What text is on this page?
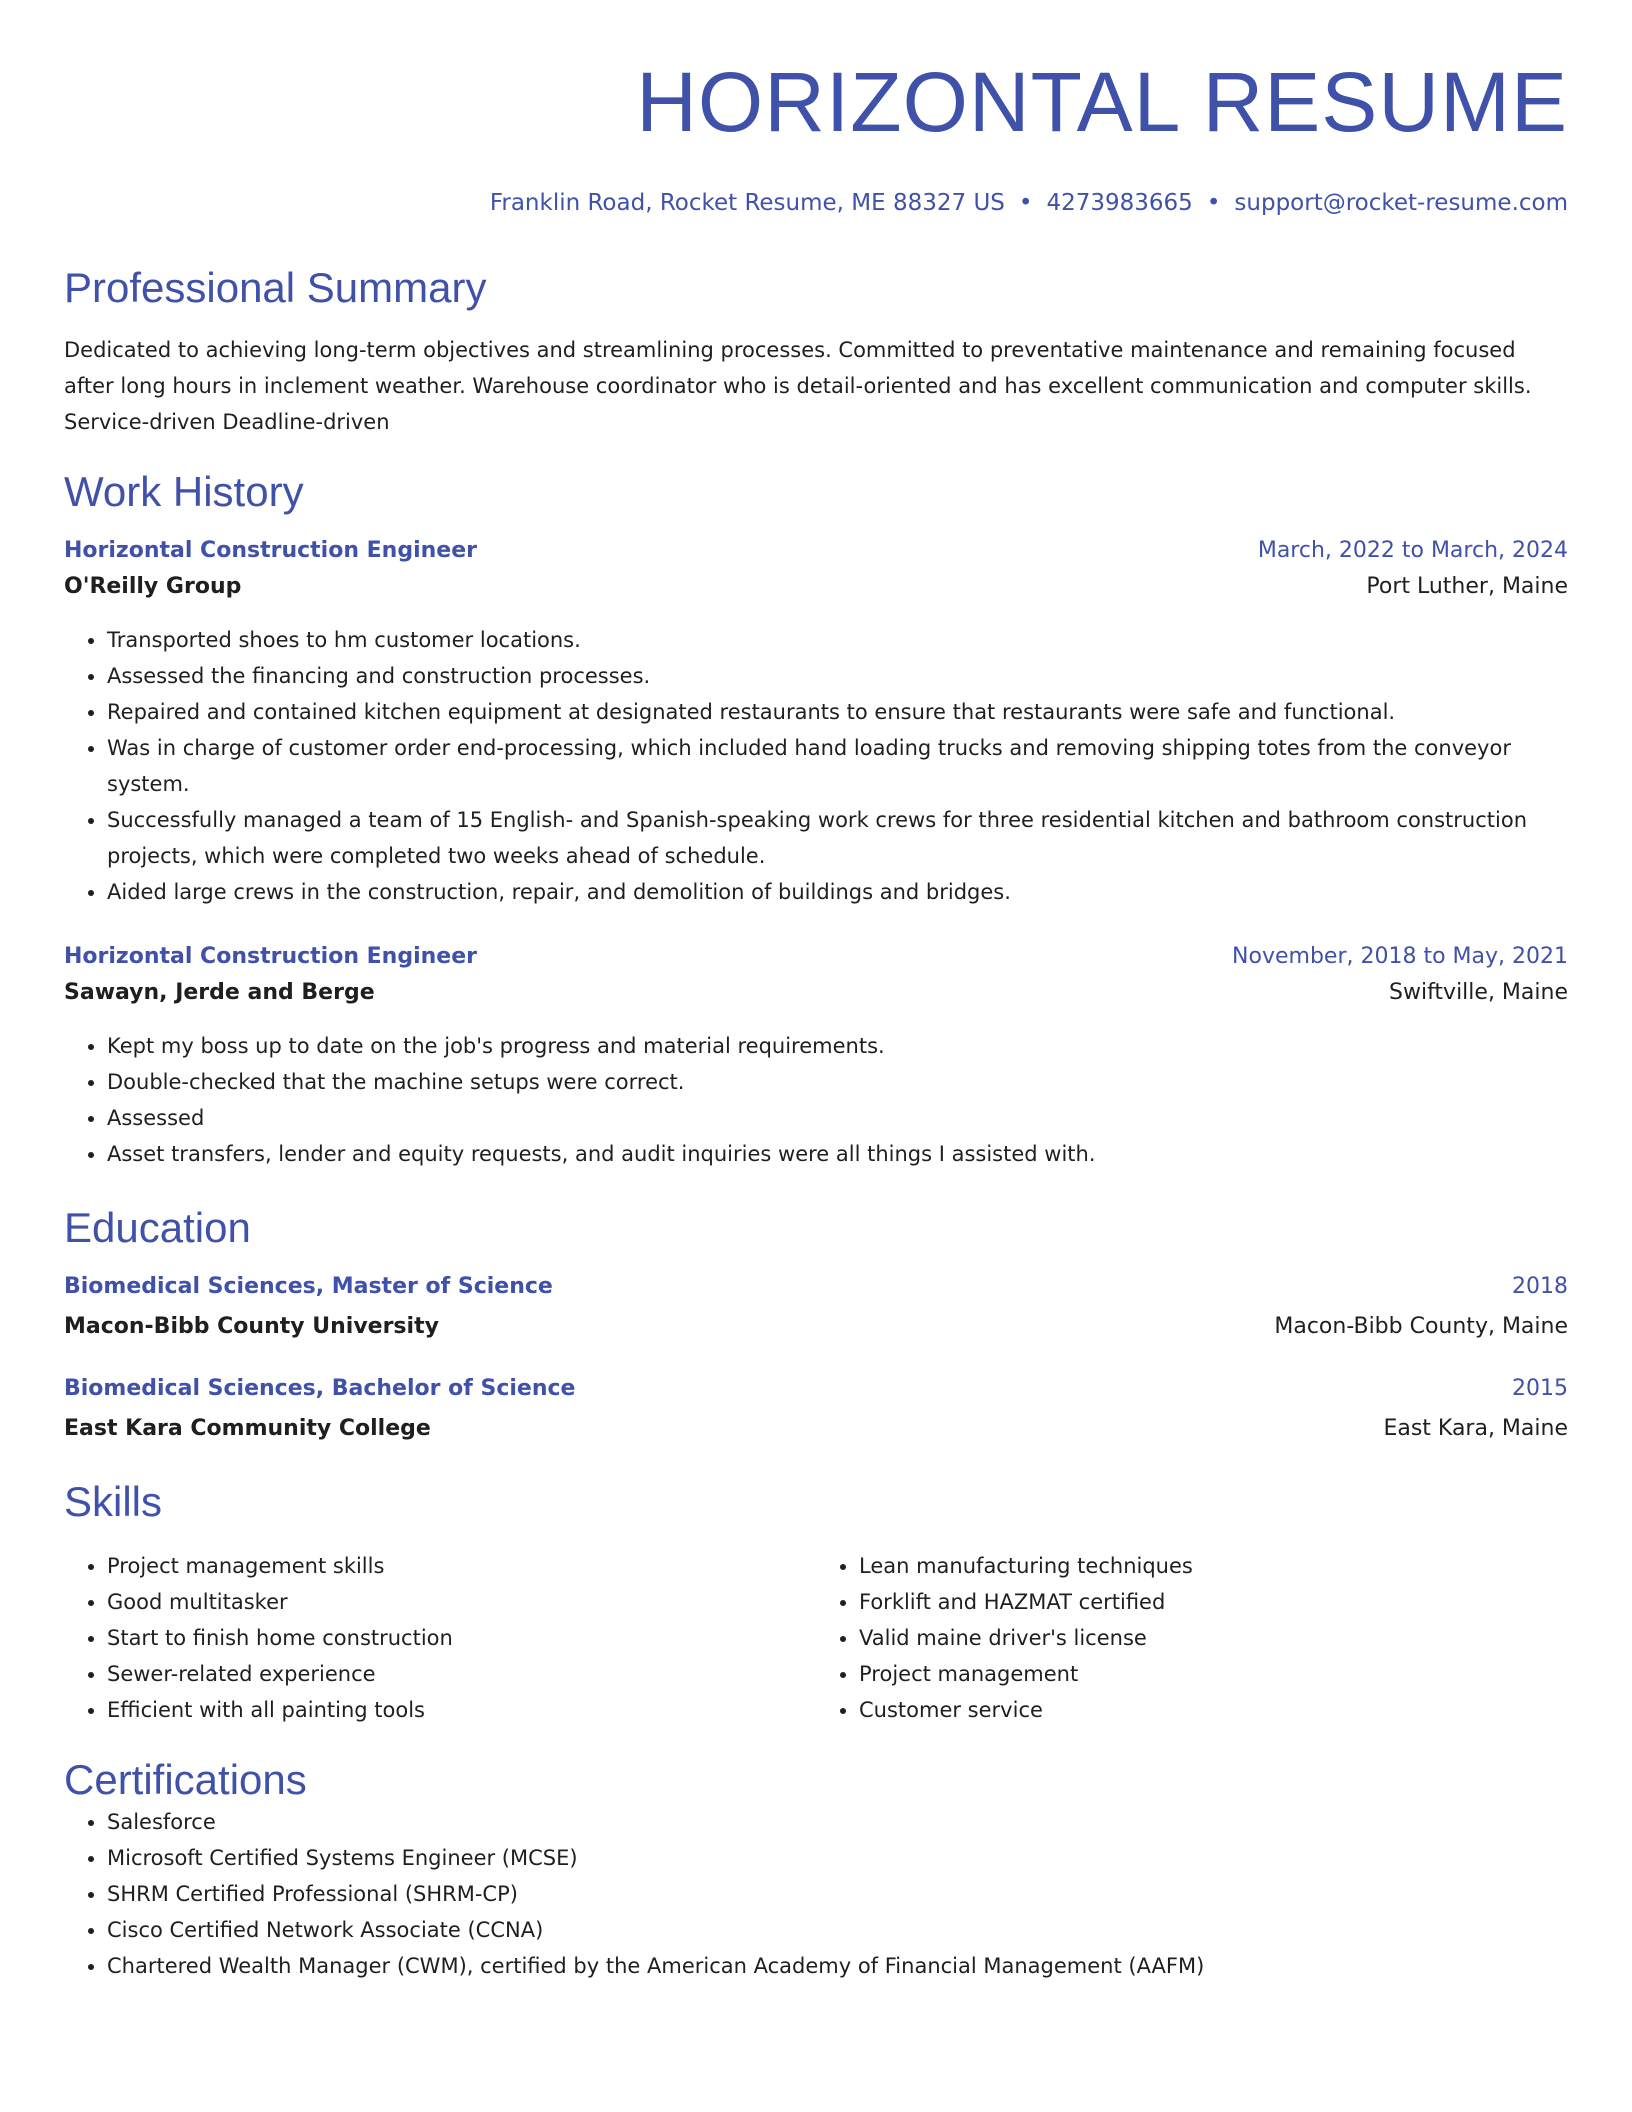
HORIZONTAL RESUME
Franklin Road, Rocket Resume, ME 88327 US • 4273983665 • support@rocket-resume.com
Professional Summary
Dedicated to achieving long-term objectives and streamlining processes. Committed to preventative maintenance and remaining focused after long hours in inclement weather. Warehouse coordinator who is detail-oriented and has excellent communication and computer skills. Service-driven Deadline-driven
Work History
Horizontal Construction Engineer	March, 2022 to March, 2024
O'Reilly Group	Port Luther, Maine
• Transported shoes to hm customer locations.
• Assessed the financing and construction processes.
• Repaired and contained kitchen equipment at designated restaurants to ensure that restaurants were safe and functional.
• Was in charge of customer order end-processing, which included hand loading trucks and removing shipping totes from the conveyor system.
• Successfully managed a team of 15 English- and Spanish-speaking work crews for three residential kitchen and bathroom construction projects, which were completed two weeks ahead of schedule.
• Aided large crews in the construction, repair, and demolition of buildings and bridges.
Horizontal Construction Engineer	November, 2018 to May, 2021
Sawayn, Jerde and Berge	Swiftville, Maine
• Kept my boss up to date on the job's progress and material requirements.
• Double-checked that the machine setups were correct.
• Assessed
• Asset transfers, lender and equity requests, and audit inquiries were all things I assisted with.
Education
Biomedical Sciences, Master of Science	2018
Macon-Bibb County University	Macon-Bibb County, Maine
Biomedical Sciences, Bachelor of Science	2015
East Kara Community College	East Kara, Maine
Skills
• Project management skills
• Good multitasker
• Start to finish home construction
• Sewer-related experience
• Efficient with all painting tools
• Lean manufacturing techniques
• Forklift and HAZMAT certified
• Valid maine driver's license
• Project management
• Customer service
Certifications
• Salesforce
• Microsoft Certified Systems Engineer (MCSE)
• SHRM Certified Professional (SHRM-CP)
• Cisco Certified Network Associate (CCNA)
• Chartered Wealth Manager (CWM), certified by the American Academy of Financial Management (AAFM)
